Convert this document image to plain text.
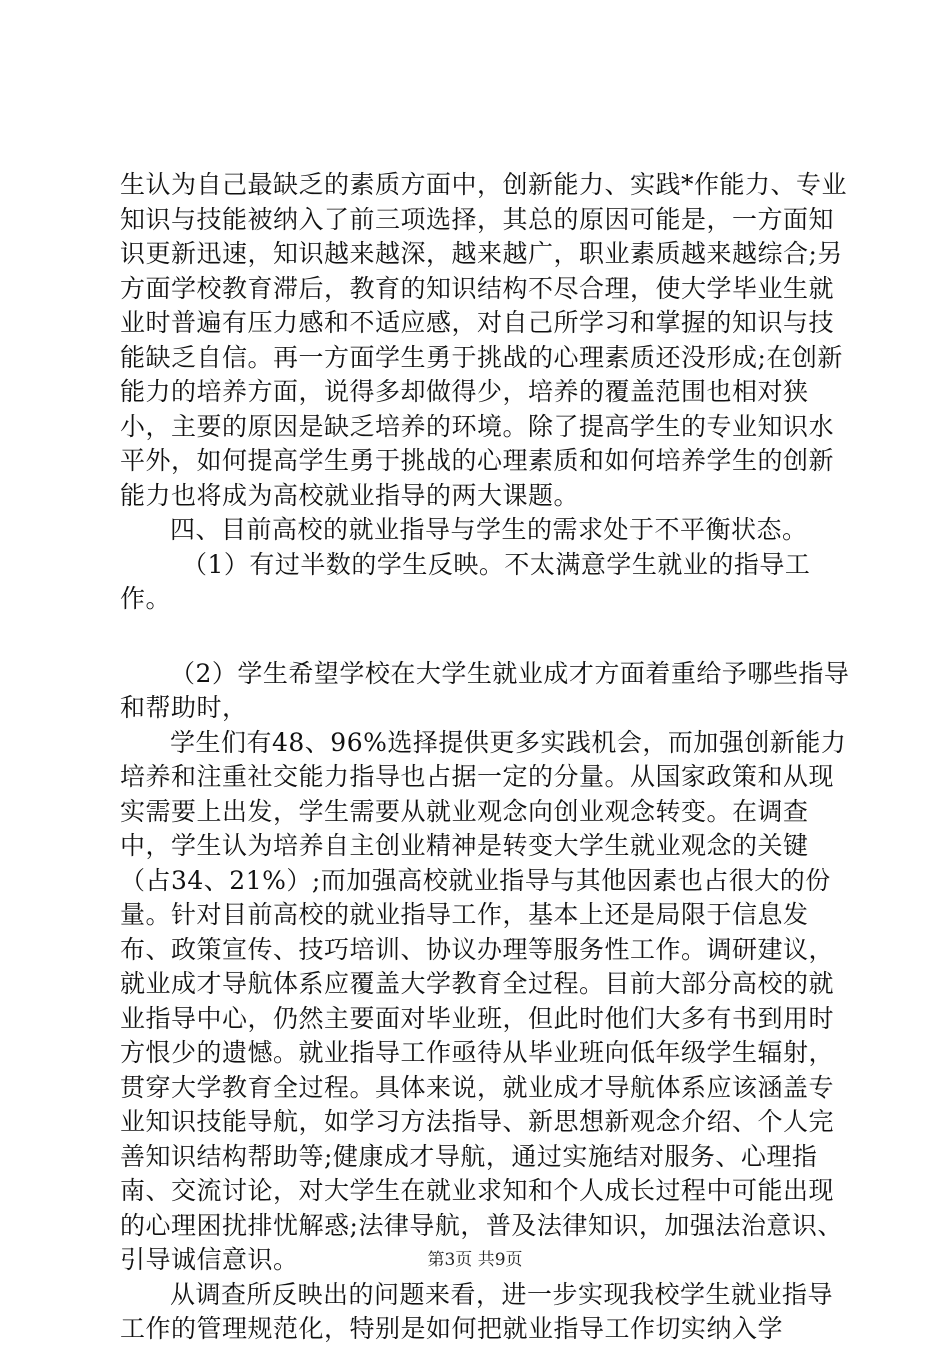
生认为自己最缺乏的素质方面中，创新能力、实践*作能力、专业知识与技能被纳入了前三项选择，其总的原因可能是，一方面知识更新迅速，知识越来越深，越来越广，职业素质越来越综合;另方面学校教育滞后，教育的知识结构不尽合理，使大学毕业生就业时普遍有压力感和不适应感，对自己所学习和掌握的知识与技能缺乏自信。再一方面学生勇于挑战的心理素质还没形成;在创新能力的培养方面，说得多却做得少，培养的覆盖范围也相对狭小，主要的原因是缺乏培养的环境。除了提高学生的专业知识水平外，如何提高学生勇于挑战的心理素质和如何培养学生的创新能力也将成为高校就业指导的两大课题。

四、目前高校的就业指导与学生的需求处于不平衡状态。

（1）有过半数的学生反映。不太满意学生就业的指导工作。

（2）学生希望学校在大学生就业成才方面着重给予哪些指导和帮助时，

学生们有48、96%选择提供更多实践机会，而加强创新能力培养和注重社交能力指导也占据一定的分量。从国家政策和从现实需要上出发，学生需要从就业观念向创业观念转变。在调查中，学生认为培养自主创业精神是转变大学生就业观念的关键（占34、21%）;而加强高校就业指导与其他因素也占很大的份量。针对目前高校的就业指导工作，基本上还是局限于信息发布、政策宣传、技巧培训、协议办理等服务性工作。调研建议，就业成才导航体系应覆盖大学教育全过程。目前大部分高校的就业指导中心，仍然主要面对毕业班，但此时他们大多有书到用时方恨少的遗憾。就业指导工作亟待从毕业班向低年级学生辐射，贯穿大学教育全过程。具体来说，就业成才导航体系应该涵盖专业知识技能导航，如学习方法指导、新思想新观念介绍、个人完善知识结构帮助等;健康成才导航，通过实施结对服务、心理指南、交流讨论，对大学生在就业求知和个人成长过程中可能出现的心理困扰排忧解惑;法律导航，普及法律知识，加强法治意识、引导诚信意识。

从调查所反映出的问题来看，进一步实现我校学生就业指导工作的管理规范化，特别是如何把就业指导工作切实纳入学

第3页 共9页
